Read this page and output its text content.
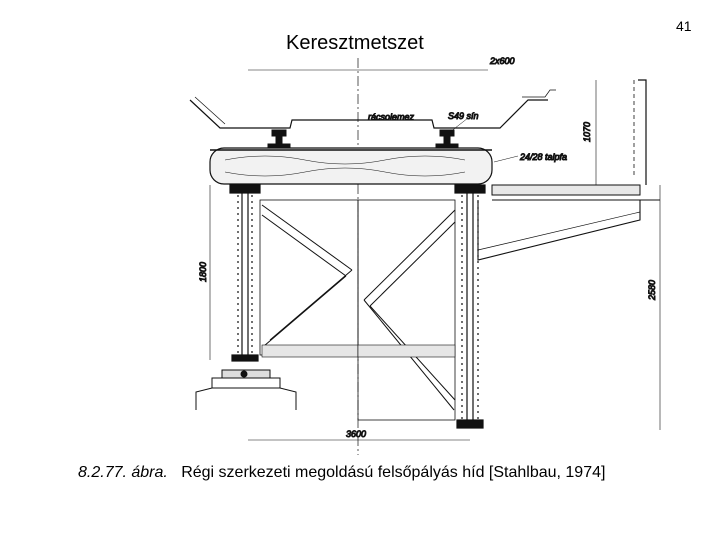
41
Keresztmetszet
2x600
1070
rácsolemez	S49 sín
24/28 talpfa
1800
2580
3600
8.2.77. ábra. Régi szerkezeti megoldású felsőpályás híd [Stahlbau, 1974]
